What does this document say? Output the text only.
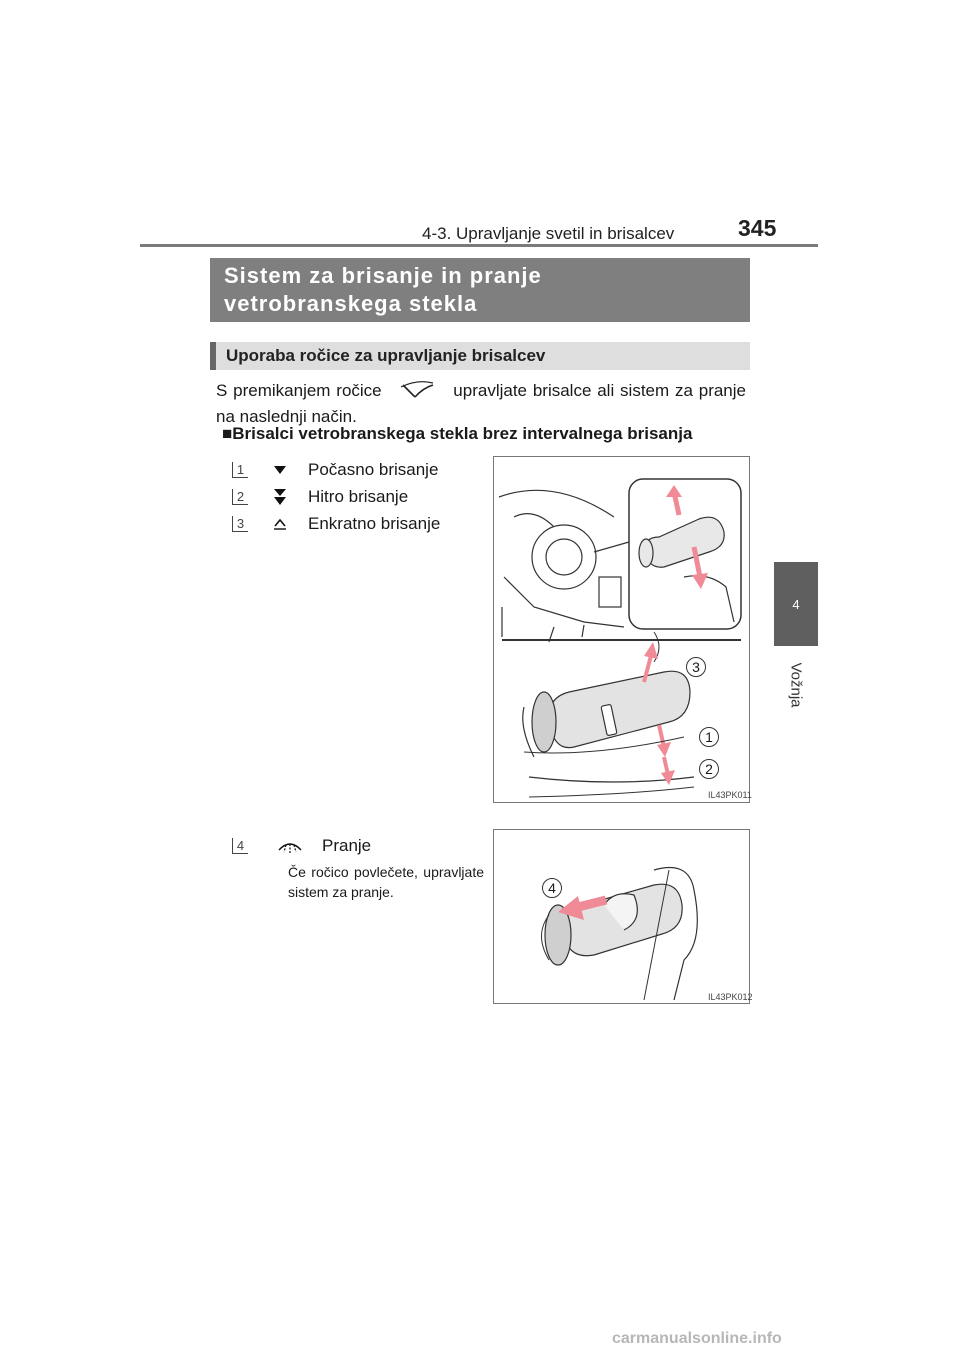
4-3. Upravljanje svetil in brisalcev	345
4
Vožnja
Sistem za brisanje in pranje
vetrobranskega stekla
Uporaba ročice za upravljanje brisalcev
S premikanjem ročice	upravljate brisalce ali sistem za pranje na naslednji način.
■Brisalci vetrobranskega stekla brez intervalnega brisanja
1	Počasno brisanje
2	Hitro brisanje
3	Enkratno brisanje
3
1
2
IL43PK011
4	Pranje
Če ročico povlečete, upravljate sistem za pranje.	4
IL43PK012
carmanualsonline.info
